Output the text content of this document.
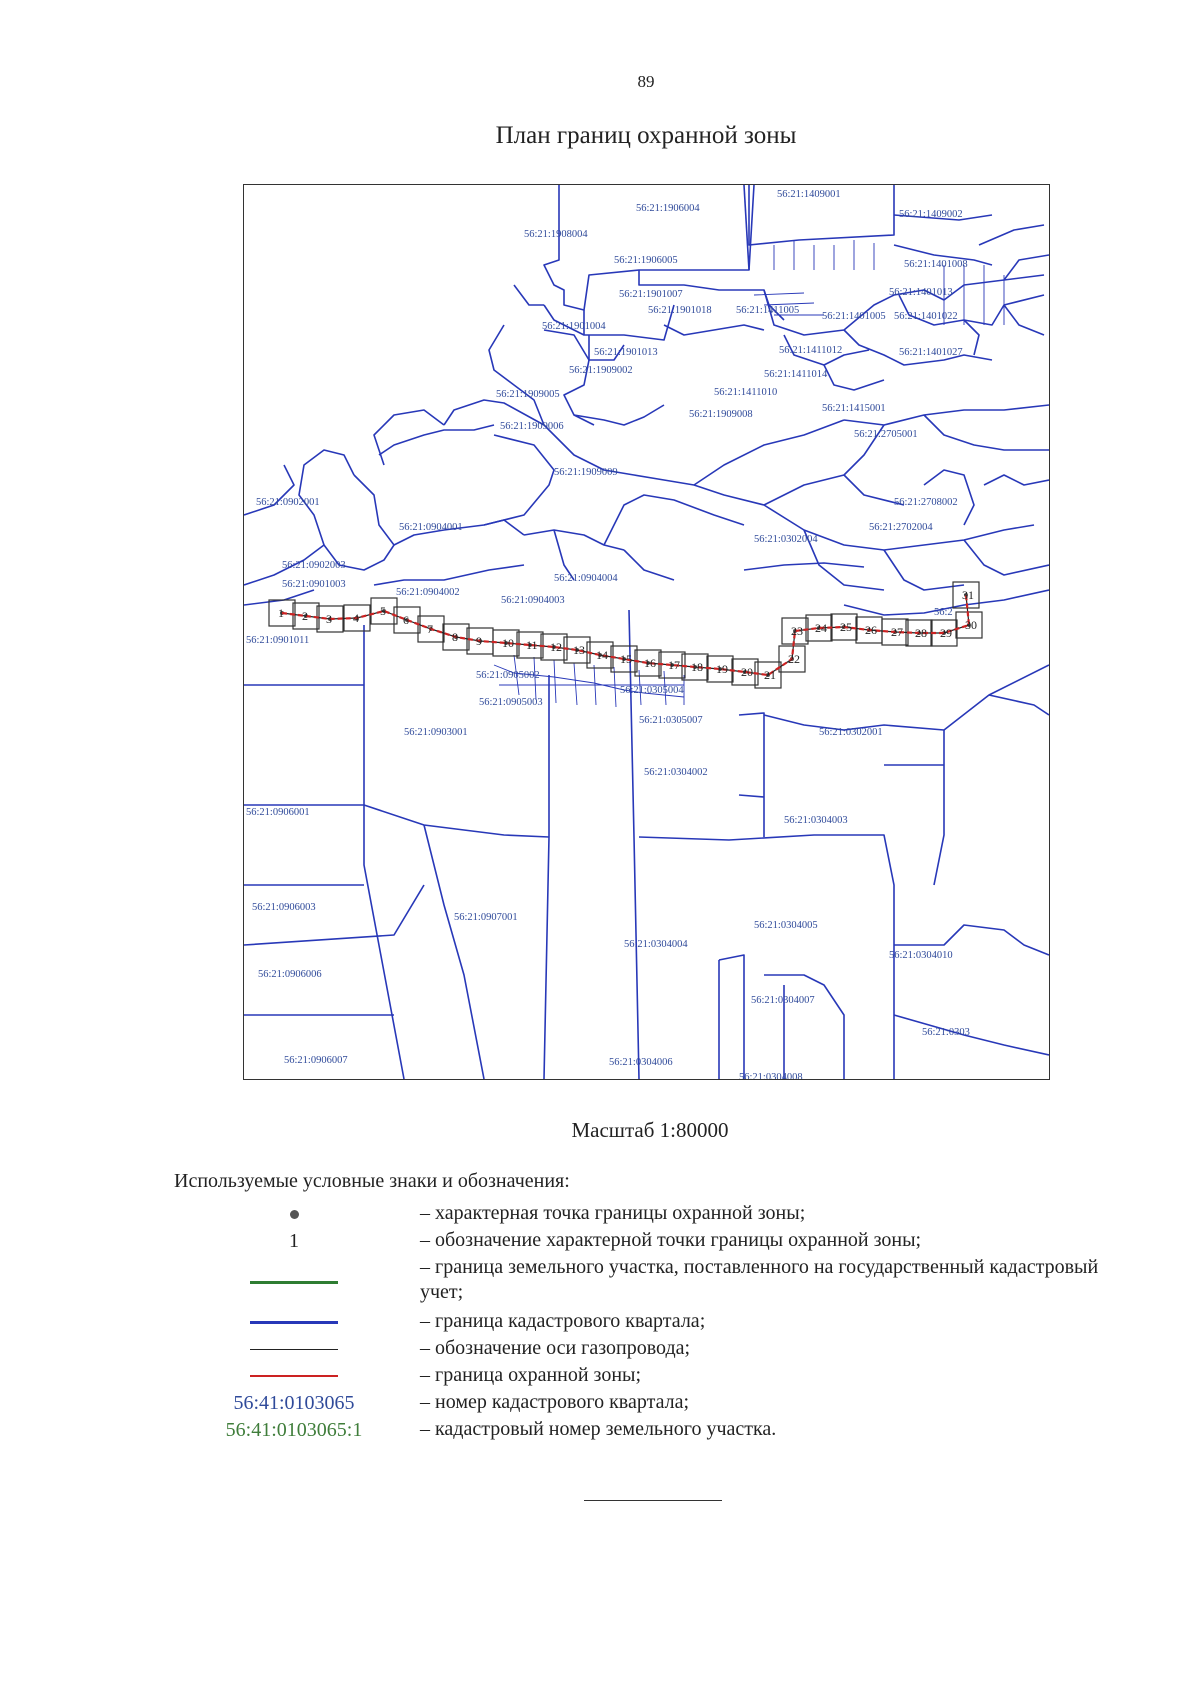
89
План границ охранной зоны
1 2 3 4 5
6
7
8 9 10 11 12 13 14 15 16 17 18 19 20 21
22
23 24 25 26 27 28 29
30
31
56:21:1409001
56:21:1906004
56:21:1409002
56:21:1908004
56:21:1906005	56:21:1401008
56:21:1901007	56:21:1401013
56:21:1901018 56:21:1411005
56:21:1401005 56:21:1401022
56:21:1901004
56:21:1901013	56:21:1411012	56:21:1401027
56:21:1909002	56:21:1411014
56:21:1909005	56:21:1411010
56:21:1415001
56:21:1909008
56:21:1909006
56:21:2705001
56:21:1909009
56:21:0902001	56:21:2708002
56:21:0904001	56:21:2702004
56:21:0302004
56:21:0902003
56:21:0904004
56:21:0901003
56:21:0904002
56:21:0904003
56:21:0901011
56:21:0905002
56:21:0305004
56:21:0905003
56:21:0305007
56:21:0903001	56:21:0302001
56:21:0304002
56:21:0906001
56:21:0304003
56:21:0906003
56:21:0907001
56:21:0304005
56:21:0304004
56:21:0304010
56:21:0906006
56:21:0304007
56:21:0303
56:21:0906007	56:21:0304006
56:21:0304008
56:2
Масштаб 1:80000
Используемые условные знаки и обозначения:
– характерная точка границы охранной зоны;
1	– обозначение характерной точки границы охранной зоны;
– граница земельного участка, поставленного на государственный кадастровый учет;
– граница кадастрового квартала;
– обозначение оси газопровода;
– граница охранной зоны;
56:41:0103065	– номер кадастрового квартала;
56:41:0103065:1	– кадастровый номер земельного участка.
